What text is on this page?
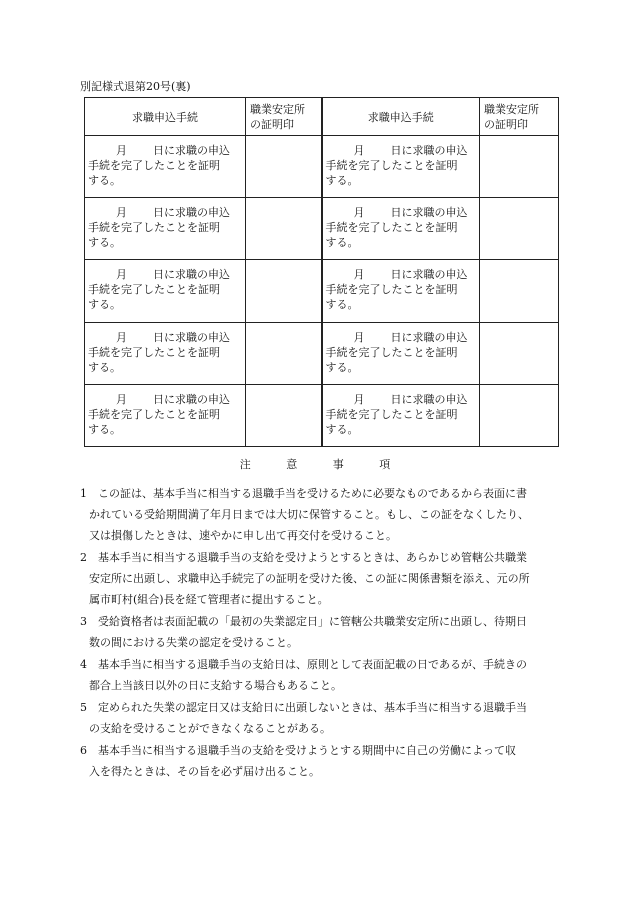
別記様式退第20号(裏)
求職申込手続	職業安定所
の証明印	求職申込手続	職業安定所
の証明印

月 日に求職の申込
手続を完了したことを証明
する。		月 日に求職の申込
手続を完了したことを証明
する。	

月 日に求職の申込
手続を完了したことを証明
する。		月 日に求職の申込
手続を完了したことを証明
する。	

月 日に求職の申込
手続を完了したことを証明
する。		月 日に求職の申込
手続を完了したことを証明
する。	

月 日に求職の申込
手続を完了したことを証明
する。		月 日に求職の申込
手続を完了したことを証明
する。	

月 日に求職の申込
手続を完了したことを証明
する。		月 日に求職の申込
手続を完了したことを証明
する。	

注	意	事	項
1 この証は、基本手当に相当する退職手当を受けるために必要なものであるから表面に書
かれている受給期間満了年月日までは大切に保管すること。もし、この証をなくしたり、
又は損傷したときは、速やかに申し出て再交付を受けること。
2 基本手当に相当する退職手当の支給を受けようとするときは、あらかじめ管轄公共職業
安定所に出頭し、求職申込手続完了の証明を受けた後、この証に関係書類を添え、元の所
属市町村(組合)長を経て管理者に提出すること。
3 受給資格者は表面記載の「最初の失業認定日」に管轄公共職業安定所に出頭し、待期日
数の間における失業の認定を受けること。
4 基本手当に相当する退職手当の支給日は、原則として表面記載の日であるが、手続きの
都合上当該日以外の日に支給する場合もあること。
5 定められた失業の認定日又は支給日に出頭しないときは、基本手当に相当する退職手当
の支給を受けることができなくなることがある。
6 基本手当に相当する退職手当の支給を受けようとする期間中に自己の労働によって収
入を得たときは、その旨を必ず届け出ること。
